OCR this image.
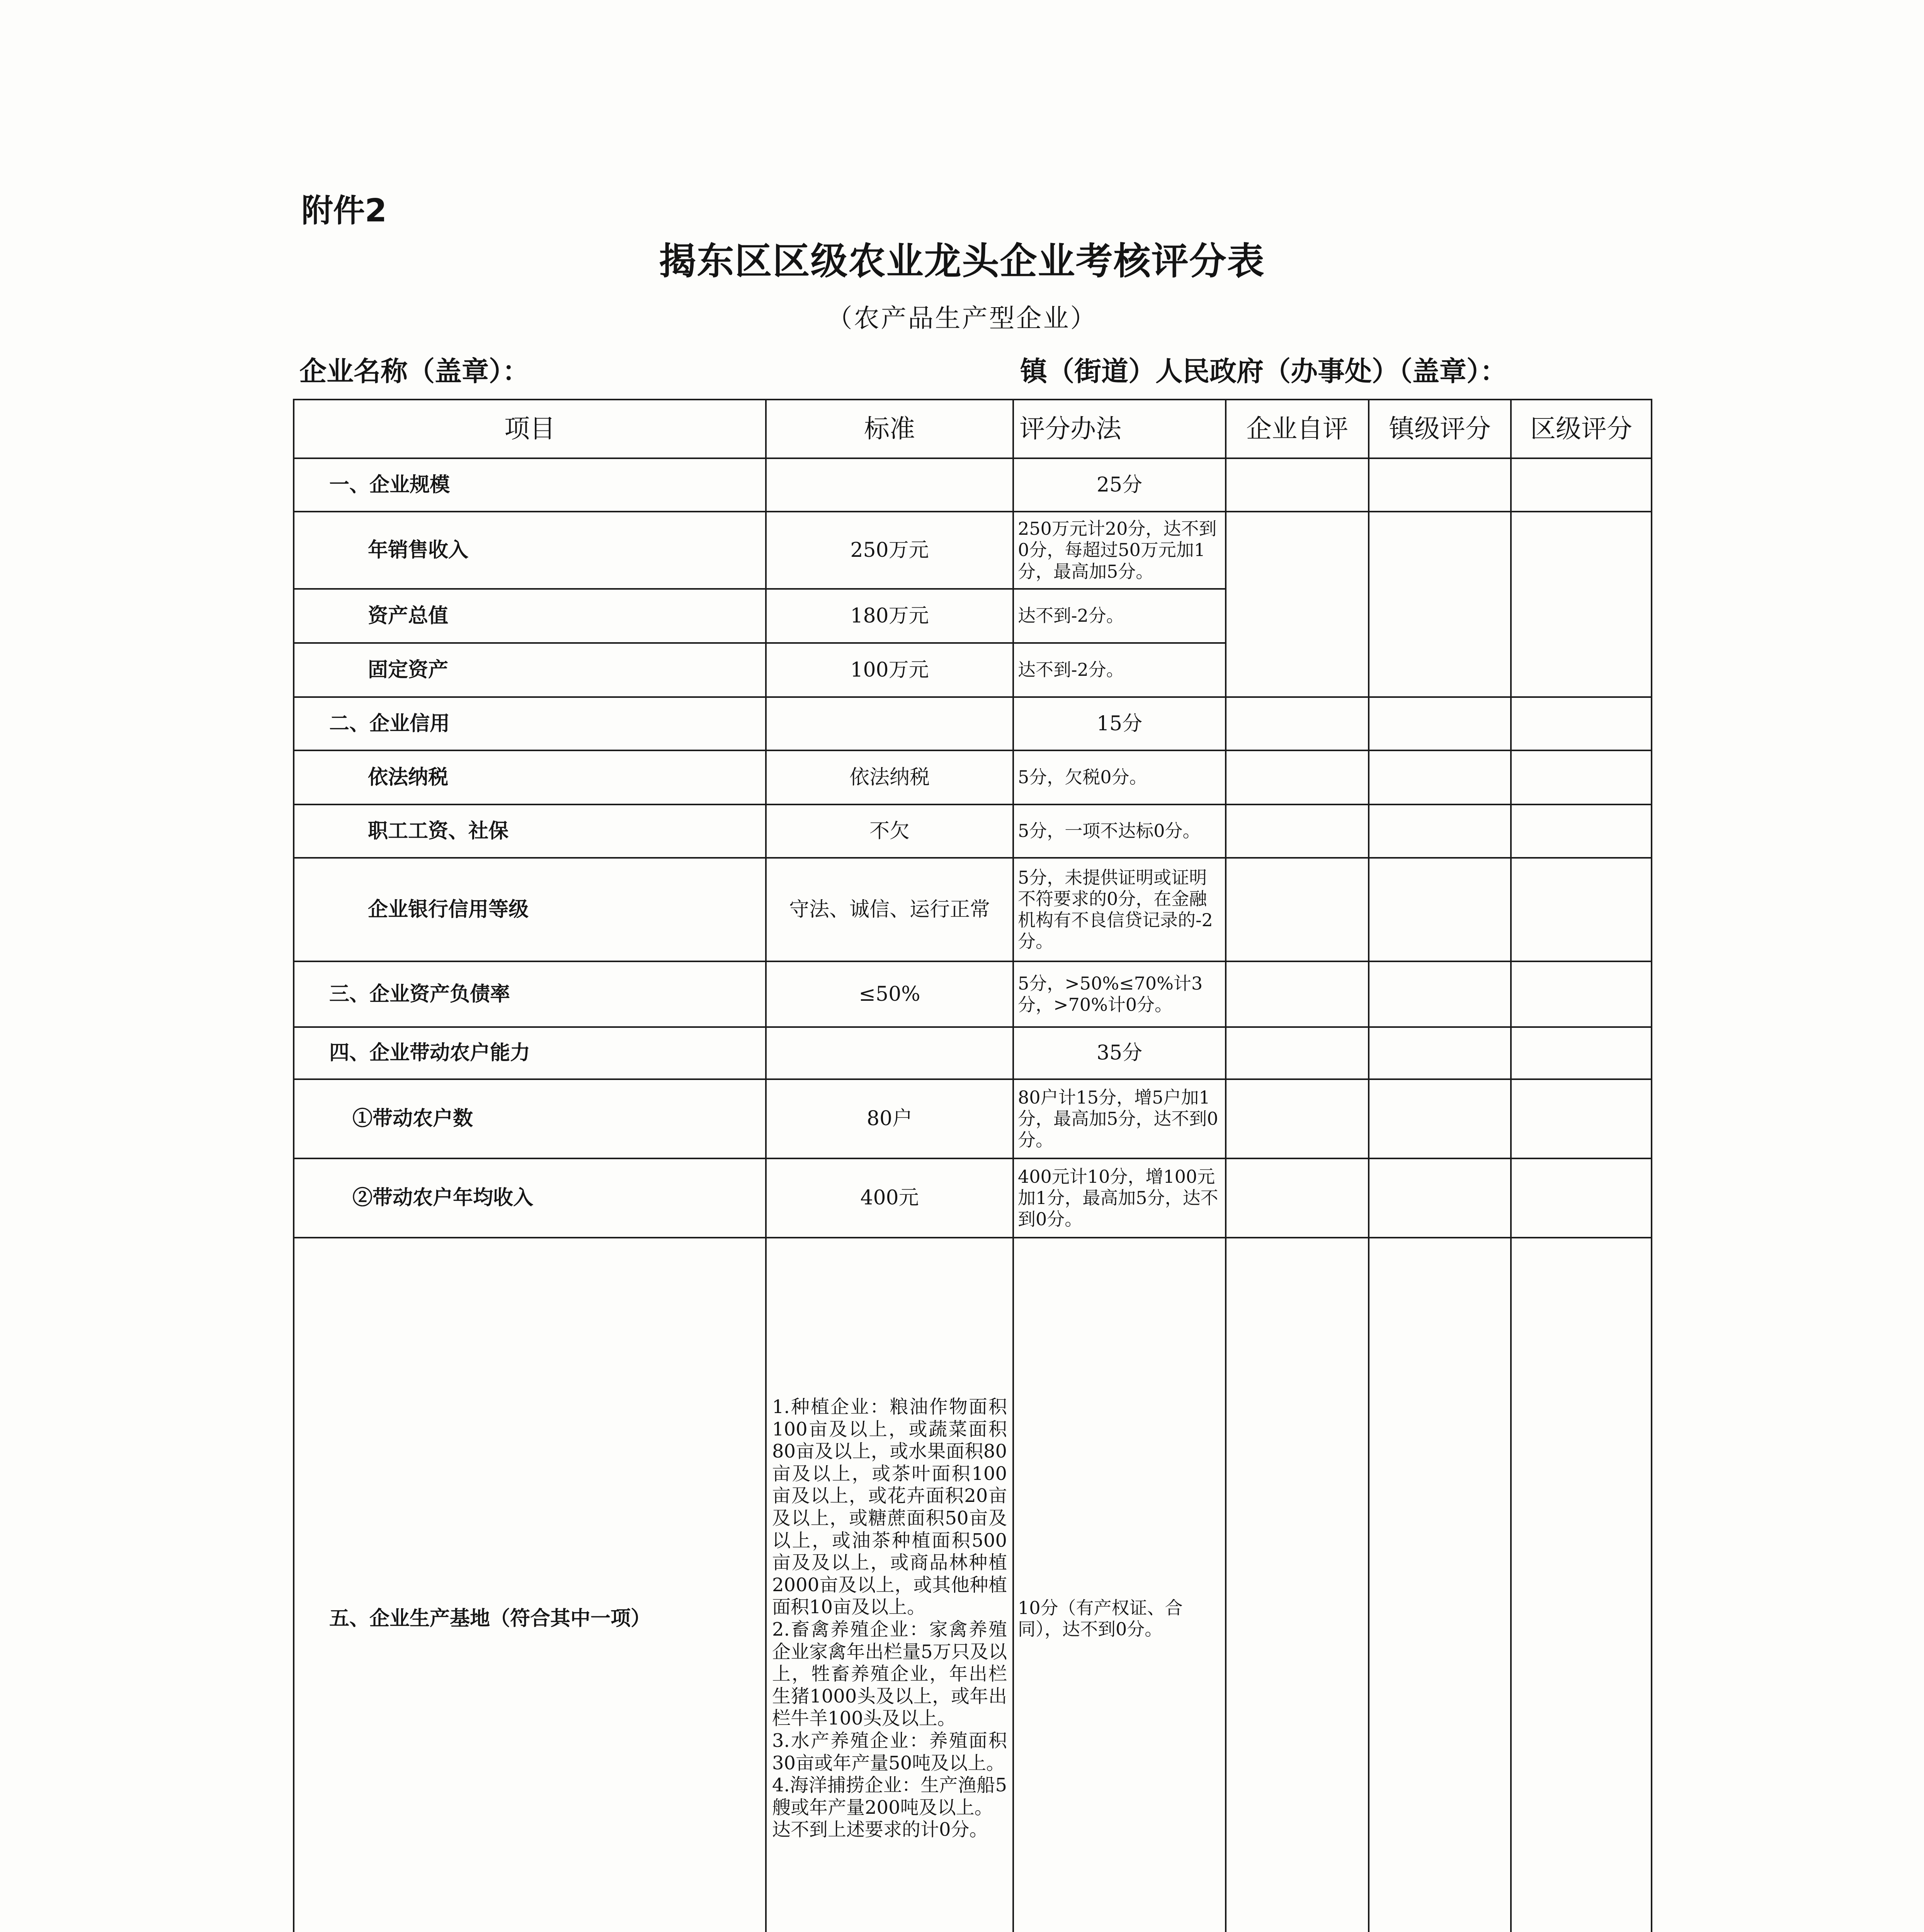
附件2
揭东区区级农业龙头企业考核评分表
（农产品生产型企业）
企业名称（盖章）：	镇（街道）人民政府（办事处）（盖章）：
项目	标准	评分办法	企业自评	镇级评分	区级评分
一、企业规模		25分			
年销售收入	250万元	250万元计20分，达不到0分，每超过50万元加1分，最高加5分。			
资产总值	180万元	达不到-2分。			
固定资产	100万元	达不到-2分。			
二、企业信用		15分			
依法纳税	依法纳税	5分，欠税0分。			
职工工资、社保	不欠	5分，一项不达标0分。			
企业银行信用等级	守法、诚信、运行正常	5分，未提供证明或证明不符要求的0分，在金融机构有不良信贷记录的-2分。			
三、企业资产负债率	≤50%	5分，>50%≤70%计3分，>70%计0分。			
四、企业带动农户能力		35分			
①带动农户数	80户	80户计15分，增5户加1分，最高加5分，达不到0分。			
②带动农户年均收入	400元	400元计10分，增100元加1分，最高加5分，达不到0分。			
五、企业生产基地（符合其中一项）	1.种植企业：粮油作物面积100亩及以上，或蔬菜面积80亩及以上，或水果面积80亩及以上，或茶叶面积100亩及以上，或花卉面积20亩及以上，或糖蔗面积50亩及以上，或油茶种植面积500亩及及以上，或商品林种植2000亩及以上，或其他种植面积10亩及以上。
2.畜禽养殖企业：家禽养殖企业家禽年出栏量5万只及以上，牲畜养殖企业，年出栏生猪1000头及以上，或年出栏牛羊100头及以上。
3.水产养殖企业：养殖面积30亩或年产量50吨及以上。
4.海洋捕捞企业：生产渔船5艘或年产量200吨及以上。
达不到上述要求的计0分。	10分（有产权证、合同），达不到0分。			
